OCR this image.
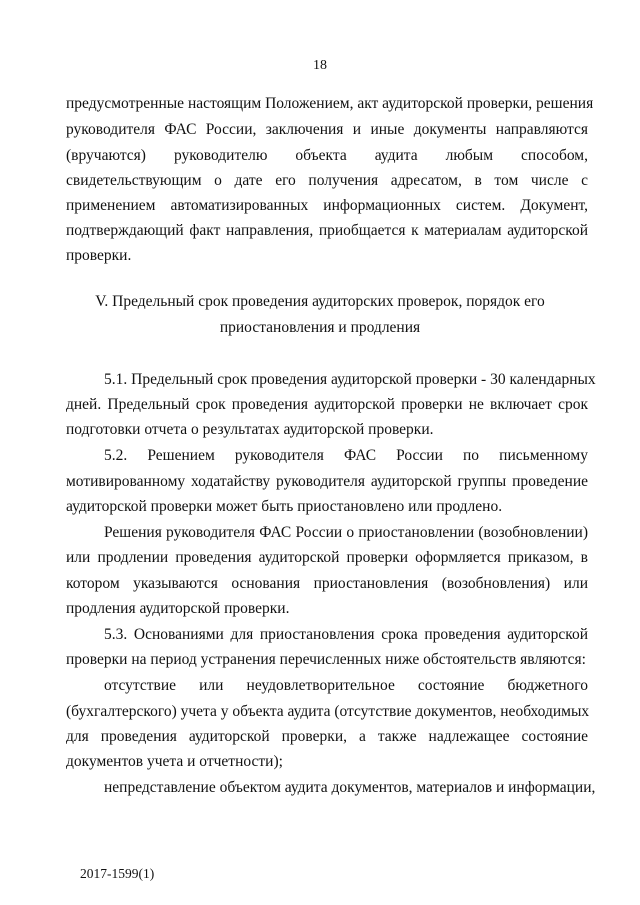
18
предусмотренные настоящим Положением, акт аудиторской проверки, решения
руководителя ФАС России, заключения и иные документы направляются
(вручаются) руководителю объекта аудита любым способом,
свидетельствующим о дате его получения адресатом, в том числе с
применением автоматизированных информационных систем. Документ,
подтверждающий факт направления, приобщается к материалам аудиторской
проверки.
V. Предельный срок проведения аудиторских проверок, порядок его
приостановления и продления
5.1. Предельный срок проведения аудиторской проверки - 30 календарных
дней. Предельный срок проведения аудиторской проверки не включает срок
подготовки отчета о результатах аудиторской проверки.
5.2. Решением руководителя ФАС России по письменному
мотивированному ходатайству руководителя аудиторской группы проведение
аудиторской проверки может быть приостановлено или продлено.
Решения руководителя ФАС России о приостановлении (возобновлении)
или продлении проведения аудиторской проверки оформляется приказом, в
котором указываются основания приостановления (возобновления) или
продления аудиторской проверки.
5.3. Основаниями для приостановления срока проведения аудиторской
проверки на период устранения перечисленных ниже обстоятельств являются:
отсутствие или неудовлетворительное состояние бюджетного
(бухгалтерского) учета у объекта аудита (отсутствие документов, необходимых
для проведения аудиторской проверки, а также надлежащее состояние
документов учета и отчетности);
непредставление объектом аудита документов, материалов и информации,
2017-1599(1)
